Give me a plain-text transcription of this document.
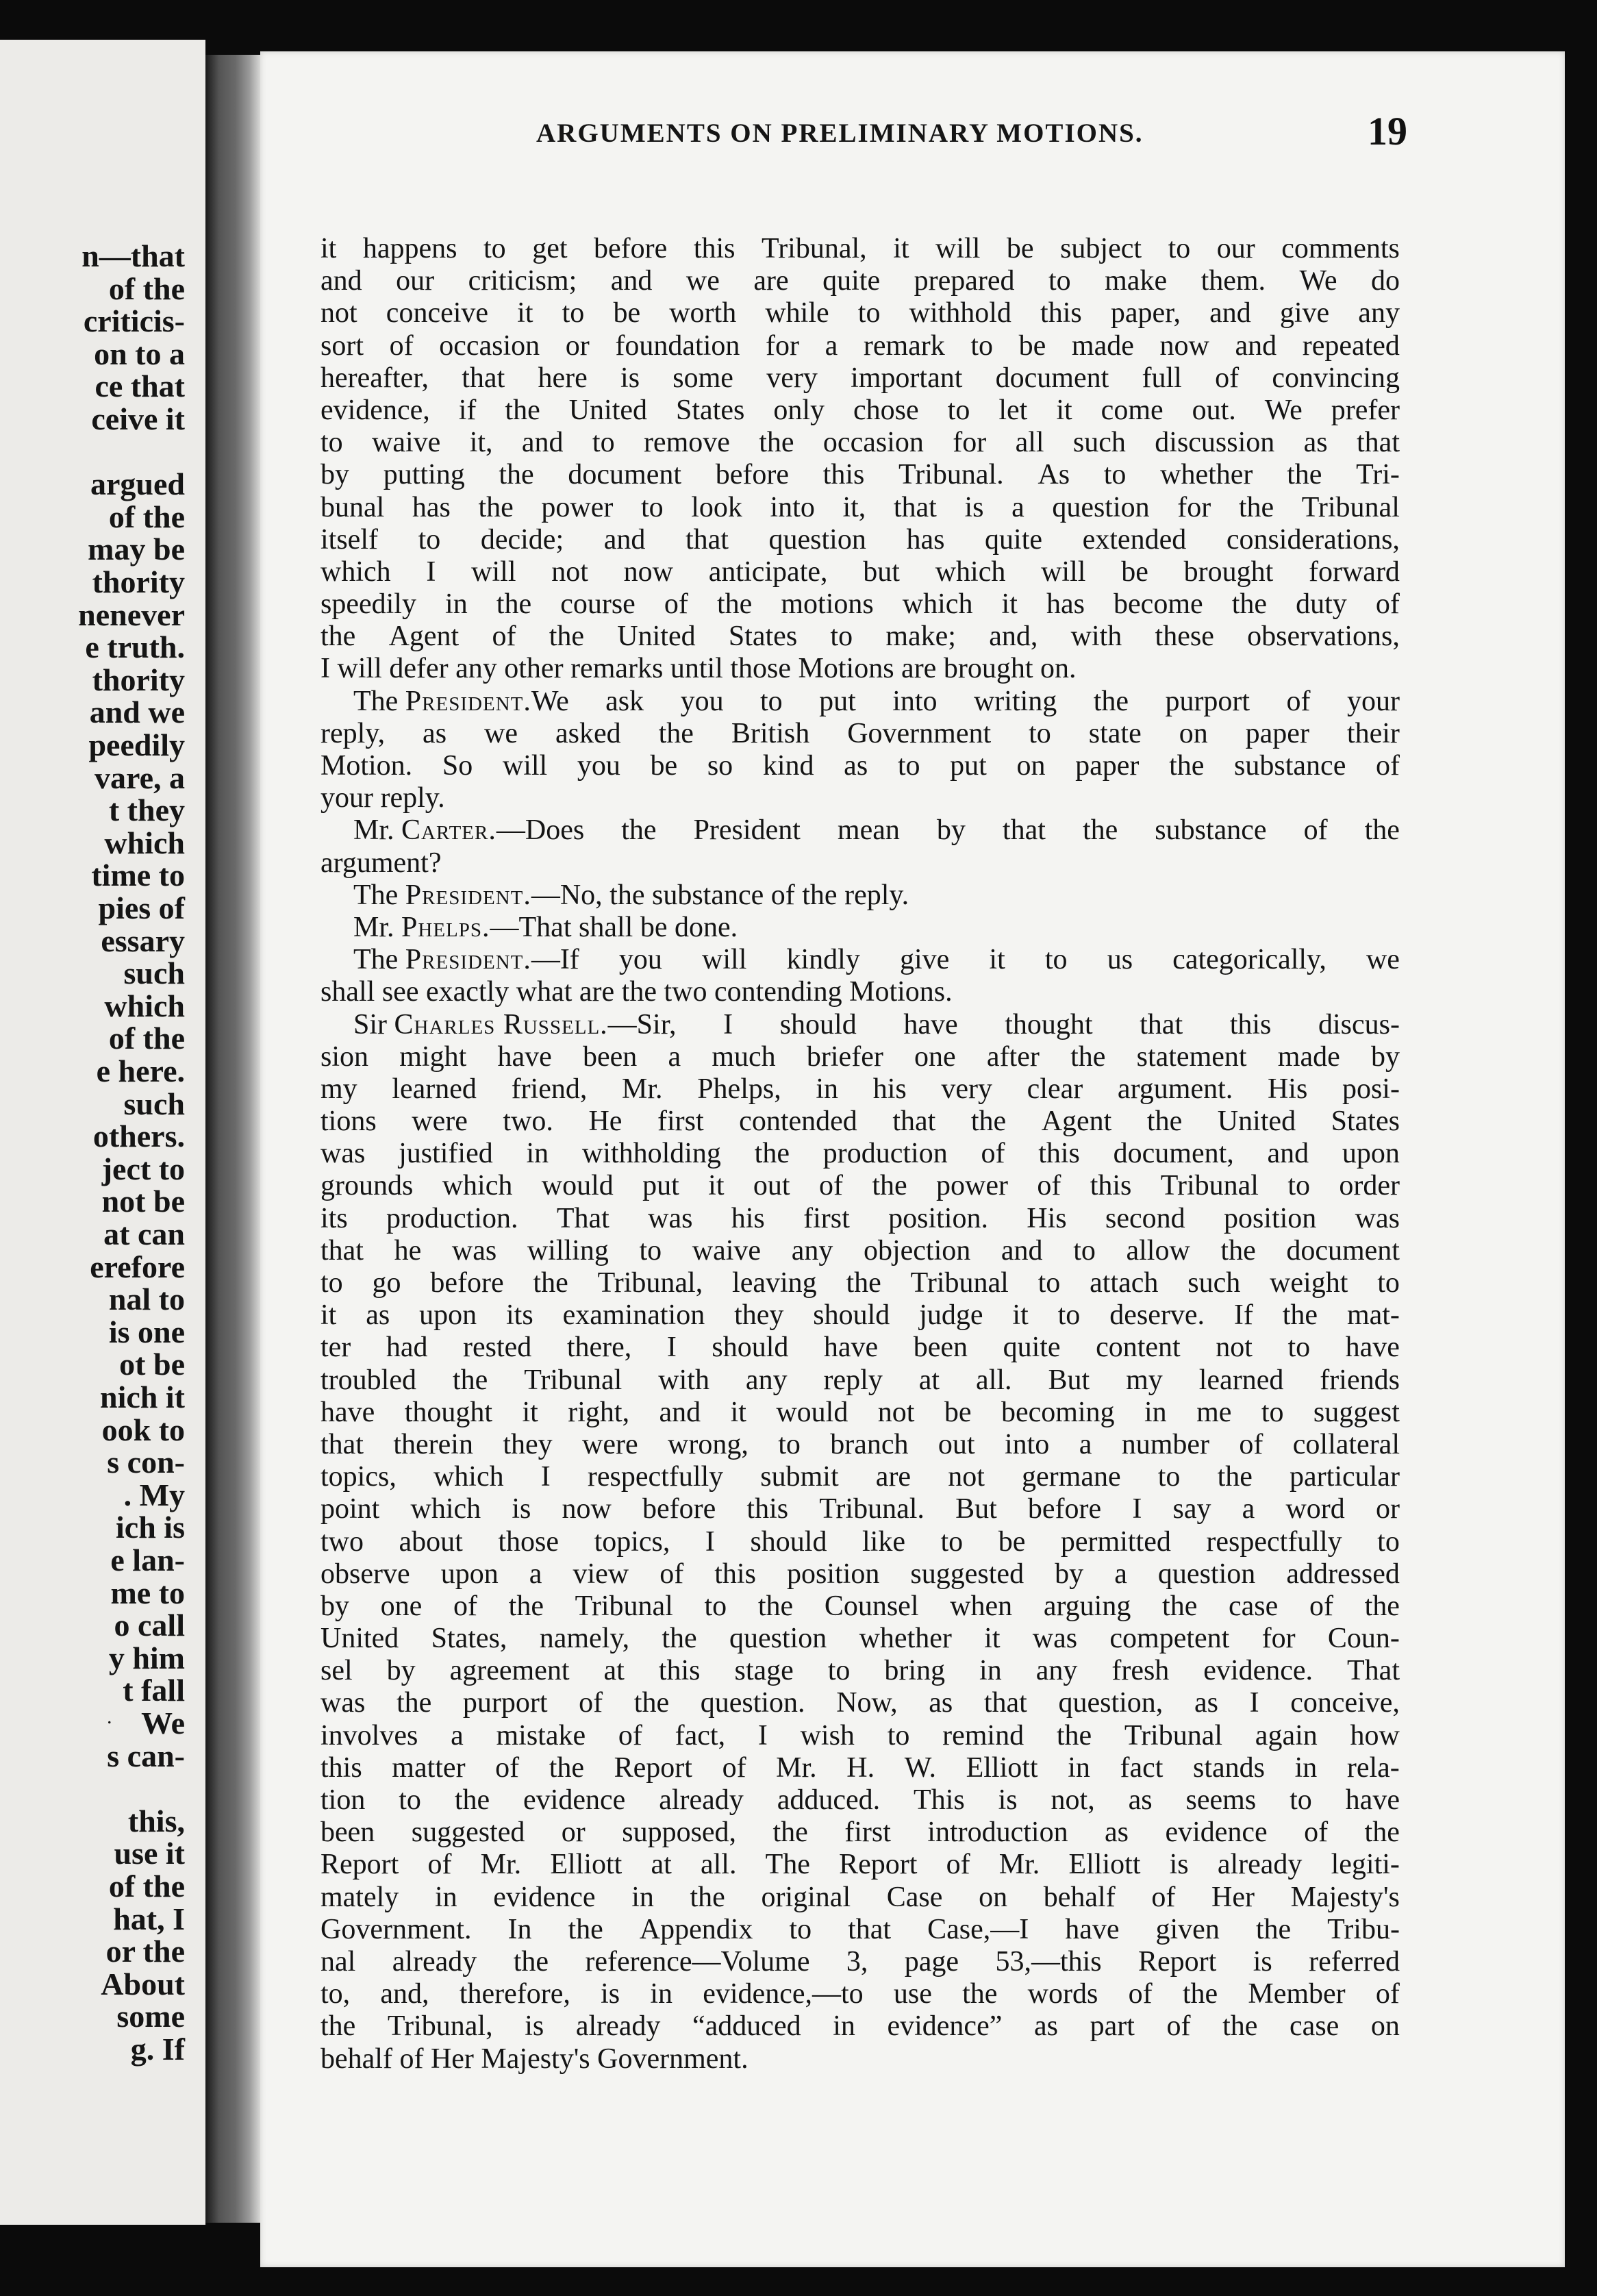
n—that
of the
criticis-
on to a
ce that
ceive it
argued
of the
may be
thority
nenever
e truth.
thority
and we
peedily
vare, a
t they
which
time to
pies of
essary
such
which
of the
e here.
such
others.
ject to
not be
at can
erefore
nal to
is one
ot be
nich it
ook to
s con-
. My
ich is
e lan-
me to
o call
y him
t fall
We
s can-
this,
use it
of the
hat, I
or the
About
some
g. If
ARGUMENTS ON PRELIMINARY MOTIONS.	19
it happens to get before this Tribunal, it will be subject to our comments
and our criticism; and we are quite prepared to make them. We do
not conceive it to be worth while to withhold this paper, and give any
sort of occasion or foundation for a remark to be made now and repeated
hereafter, that here is some very important document full of convincing
evidence, if the United States only chose to let it come out. We prefer
to waive it, and to remove the occasion for all such discussion as that
by putting the document before this Tribunal. As to whether the Tri-
bunal has the power to look into it, that is a question for the Tribunal
itself to decide; and that question has quite extended considerations,
which I will not now anticipate, but which will be brought forward
speedily in the course of the motions which it has become the duty of
the Agent of the United States to make; and, with these observations,
I will defer any other remarks until those Motions are brought on.
The President.We ask you to put into writing the purport of your
reply, as we asked the British Government to state on paper their
Motion. So will you be so kind as to put on paper the substance of
your reply.
Mr. Carter.—Does the President mean by that the substance of the
argument?
The President.—No, the substance of the reply.
Mr. Phelps.—That shall be done.
The President.—If you will kindly give it to us categorically, we
shall see exactly what are the two contending Motions.
Sir Charles Russell.—Sir, I should have thought that this discus-
sion might have been a much briefer one after the statement made by
my learned friend, Mr. Phelps, in his very clear argument. His posi-
tions were two. He first contended that the Agent the United States
was justified in withholding the production of this document, and upon
grounds which would put it out of the power of this Tribunal to order
its production. That was his first position. His second position was
that he was willing to waive any objection and to allow the document
to go before the Tribunal, leaving the Tribunal to attach such weight to
it as upon its examination they should judge it to deserve. If the mat-
ter had rested there, I should have been quite content not to have
troubled the Tribunal with any reply at all. But my learned friends
have thought it right, and it would not be becoming in me to suggest
that therein they were wrong, to branch out into a number of collateral
topics, which I respectfully submit are not germane to the particular
point which is now before this Tribunal. But before I say a word or
two about those topics, I should like to be permitted respectfully to
observe upon a view of this position suggested by a question addressed
by one of the Tribunal to the Counsel when arguing the case of the
United States, namely, the question whether it was competent for Coun-
sel by agreement at this stage to bring in any fresh evidence. That
was the purport of the question. Now, as that question, as I conceive,
involves a mistake of fact, I wish to remind the Tribunal again how
this matter of the Report of Mr. H. W. Elliott in fact stands in rela-
tion to the evidence already adduced. This is not, as seems to have
been suggested or supposed, the first introduction as evidence of the
Report of Mr. Elliott at all. The Report of Mr. Elliott is already legiti-
mately in evidence in the original Case on behalf of Her Majesty's
Government. In the Appendix to that Case,—I have given the Tribu-
nal already the reference—Volume 3, page 53,—this Report is referred
to, and, therefore, is in evidence,—to use the words of the Member of
the Tribunal, is already “adduced in evidence” as part of the case on
behalf of Her Majesty's Government.
.
